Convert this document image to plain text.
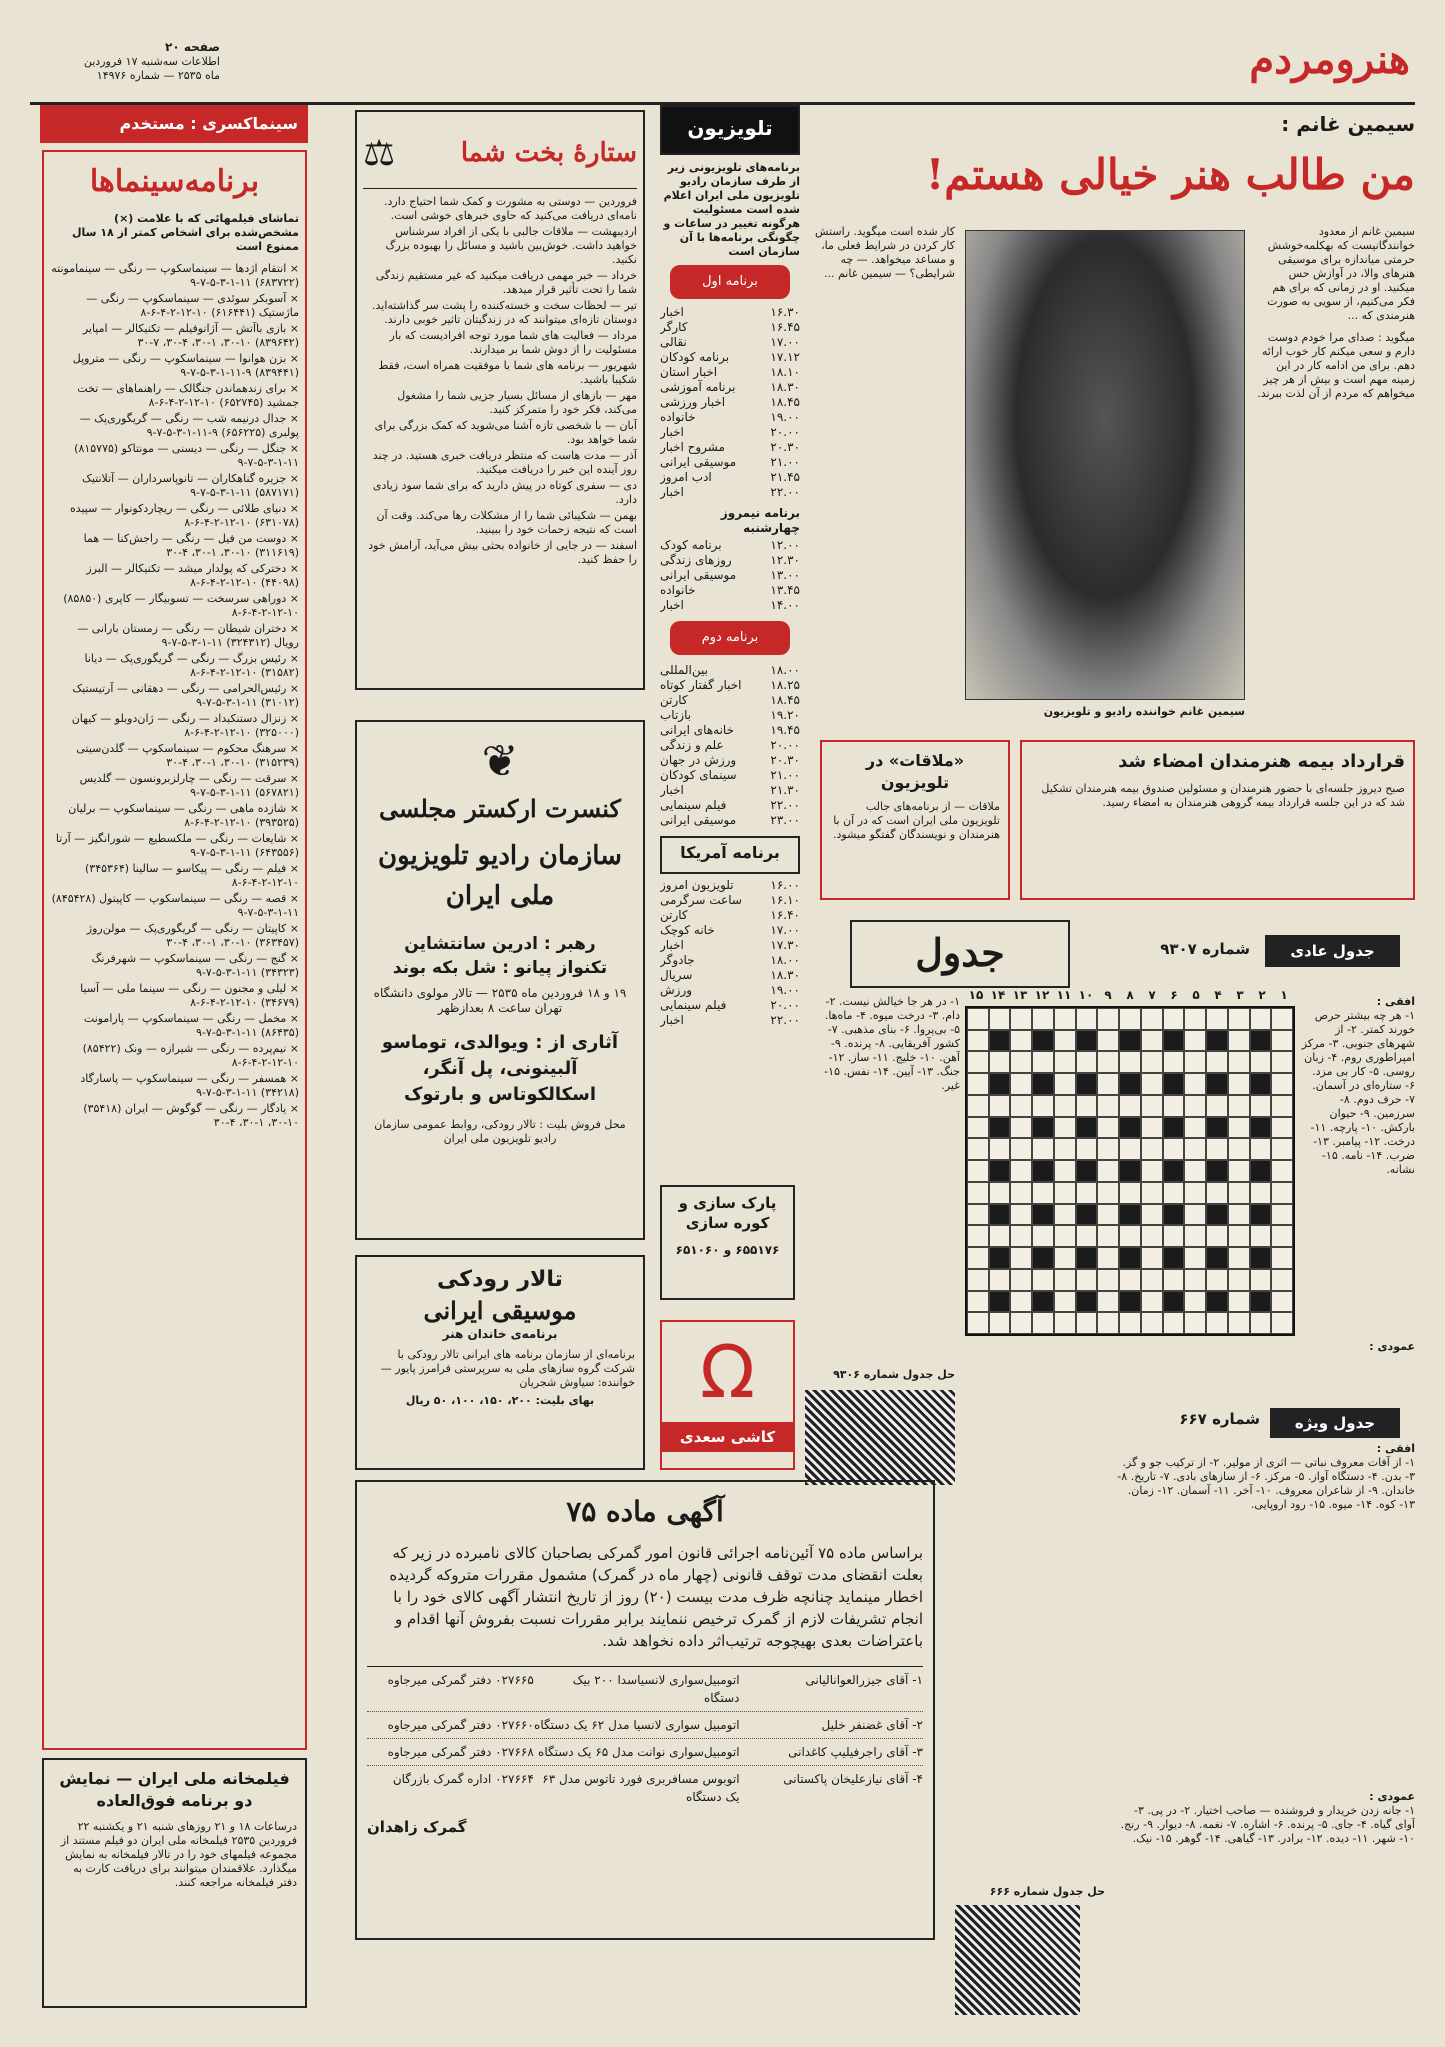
صفحه ۲۰
اطلاعات سه‌شنبه ۱۷ فروردین
ماه ۲۵۳۵ — شماره ۱۴۹۷۶	هنرومردم
سینماکسری : مستخدم
برنامه‌سینماها
تماشای فیلمهائی که با علامت (×) مشخص‌شده برای اشخاص کمتر از ۱۸ سال ممنوع است
× انتقام اژدها — سینماسکوپ — رنگی — سینمامونته (۶۸۳۷۲۲) ۱۱-۱-۳-۵-۷-۹
× آسوبکر سوئدی — سینماسکوپ — رنگی — ماژستیک (۶۱۶۴۴۱) ۱۰-۱۲-۲-۴-۶-۸
× بازی باآتش — آژانوفیلم — تکنیکالر — امپایر (۸۳۹۶۴۲) ۱۰-۳۰، ۱-۳۰، ۴-۳۰، ۷-۳۰
× بزن هوانوا — سینماسکوپ — رنگی — متروپل (۸۳۹۴۴۱) ۹-۱۱-۱-۳-۵-۷-۹
× برای زندهماندن جنگالک — راهنماهای — تخت جمشید (۶۵۲۷۴۵) ۱۰-۱۲-۲-۴-۶-۸
× جدال درنیمه شب — رنگی — گریگوری‌پک — پولبری (۶۵۶۲۲۵) ۹-۱۱-۱-۳-۵-۷-۹
× جنگل — رنگی — دیسنی — مونتاکو (۸۱۵۷۷۵) ۱۱-۱-۳-۵-۷-۹
× جزیره گناهکاران — تانوپاسرداران — آتلانتیک (۵۸۷۱۷۱) ۱۱-۱-۳-۵-۷-۹
× دنیای طلائی — رنگی — ریچارد‌کونوار — سپیده (۶۳۱۰۷۸) ۱۰-۱۲-۲-۴-۶-۸
× دوست من فیل — رنگی — راجش‌کنا — هما (۳۱۱۶۱۹) ۱۰-۳۰، ۱-۳۰، ۴-۳۰
× دخترکی که پولدار میشد — تکنیکالر — البرز (۴۴۰۹۸) ۱۰-۱۲-۲-۴-۶-۸
× دوراهی سرسخت — تسوبیگار — کاپری (۸۵۸۵۰) ۱۰-۱۲-۲-۴-۶-۸
× دختران شیطان — رنگی — زمستان بارانی — رویال (۳۲۴۳۱۲) ۱۱-۱-۳-۵-۷-۹
× رئیس بزرگ — رنگی — گریگوری‌پک — دیانا (۳۱۵۸۲) ۱۰-۱۲-۲-۴-۶-۸
× رئیس‌الحرامی — رنگی — دهقانی — آرتیستیک (۳۱۰۱۲) ۱۱-۱-۳-۵-۷-۹
× زنزال دستنکبداد — رنگی — ژان‌دوبلو — کیهان (۳۲۵۰۰۰) ۱۰-۱۲-۲-۴-۶-۸
× سرهنگ محکوم — سینماسکوپ — گلدن‌سیتی (۳۱۵۲۳۹) ۱۰-۳۰، ۱-۳۰، ۴-۳۰
× سرقت — رنگی — چارلز‌برونسون — گلدیس (۵۶۷۸۲۱) ۱۱-۱-۳-۵-۷-۹
× شازده ماهی — رنگی — سینماسکوپ — برلیان (۳۹۳۵۲۵) ۱۰-۱۲-۲-۴-۶-۸
× شایعات — رنگی — ملکسطیع — شورانگیز — آرتا (۶۴۳۵۵۶) ۱۱-۱-۳-۵-۷-۹
× فیلم — رنگی — پیکاسو — سالینا (۳۴۵۳۶۴) ۱۰-۱۲-۲-۴-۶-۸
× قصه — رنگی — سینماسکوپ — کاپیتول (۸۴۵۴۲۸) ۱۱-۱-۳-۵-۷-۹
× کاپیتان — رنگی — گریگوری‌پک — مولن‌روژ (۳۶۳۴۵۷) ۱۰-۳۰، ۱-۳۰، ۴-۳۰
× گنج — رنگی — سینماسکوپ — شهرفرنگ (۳۴۳۲۳) ۱۱-۱-۳-۵-۷-۹
× لیلی و مجنون — رنگی — سینما ملی — آسیا (۳۴۶۷۹) ۱۰-۱۲-۲-۴-۶-۸
× مخمل — رنگی — سینماسکوپ — پارامونت (۸۶۴۳۵) ۱۱-۱-۳-۵-۷-۹
× نیم‌پرده — رنگی — شیرازه — ونک (۸۵۴۲۲) ۱۰-۱۲-۲-۴-۶-۸
× همسفر — رنگی — سینماسکوپ — پاسارگاد (۳۴۲۱۸) ۱۱-۱-۳-۵-۷-۹
× یادگار — رنگی — گوگوش — ایران (۳۵۴۱۸) ۱۰-۳۰، ۱-۳۰، ۴-۳۰
فیلمخانه ملی ایران — نمایش دو برنامه فوق‌العاده
درساعات ۱۸ و ۲۱ روزهای شنبه ۲۱ و یکشنبه ۲۲ فروردین ۲۵۳۵ فیلمخانه ملی ایران دو فیلم مستند از مجموعه فیلمهای خود را در تالار فیلمخانه به نمایش میگذارد. علاقمندان میتوانند برای دریافت کارت به دفتر فیلمخانه مراجعه کنند.
ستارهٔ بخت شما
⚖
فروردین — دوستی به مشورت و کمک شما احتیاج دارد. نامه‌ای دریافت می‌کنید که حاوی خبرهای خوشی است.
اردیبهشت — ملاقات جالبی با یکی از افراد سرشناس خواهید داشت. خوش‌بین باشید و مسائل را بهبوده بزرگ نکنید.
خرداد — خبر مهمی دریافت میکنید که غیر مستقیم زندگی شما را تحت تأثیر قرار میدهد.
تیر — لحظات سخت و خسته‌کننده را پشت سر گذاشته‌اید. دوستان تازه‌ای میتوانند که در زندگیتان تاثیر خوبی دارند.
مرداد — فعالیت های شما مورد توجه افرادیست که بار مسئولیت را از دوش شما بر میدارند.
شهریور — برنامه های شما با موفقیت همراه است، فقط شکیبا باشید.
مهر — بازهای از مسائل بسیار جزیی شما را مشغول می‌کند، فکر خود را متمرکز کنید.
آبان — با شخصی تازه آشنا می‌شوید که کمک بزرگی برای شما خواهد بود.
آذر — مدت هاست که منتظر دریافت خبری هستید. در چند روز آینده این خبر را دریافت میکنید.
دی — سفری کوتاه در پیش دارید که برای شما سود زیادی دارد.
بهمن — شکیبائی شما را از مشکلات رها می‌کند. وقت آن است که نتیجه زحمات خود را ببینید.
اسفند — در جایی از خانواده بحثی بیش می‌آید، آرامش خود را حفظ کنید.
❦
کنسرت ارکستر مجلسی
سازمان رادیو تلویزیون ملی ایران
رهبر : ادرین سانتشاین
تکنواز پیانو : شل بکه بوند
۱۹ و ۱۸ فروردین ماه ۲۵۳۵ — تالار مولوی دانشگاه تهران ساعت ۸ بعدازظهر
آثاری از : ویوالدی، توماسو آلبینونی، پل آنگر، اسکالکوتاس و بارتوک
محل فروش بلیت : تالار رودکی، روابط عمومی سازمان رادیو تلویزیون ملی ایران
تالار رودکی
موسیقی ایرانی
برنامه‌ی خاندان هنر
برنامه‌ای از سازمان برنامه های ایرانی تالار رودکی با شرکت گروه سازهای ملی به سرپرستی فرامرز پایور — خواننده: سیاوش شجریان
بهای بلیت: ۲۰۰، ۱۵۰، ۱۰۰، ۵۰ ریال
تلویزیون
برنامه‌های تلویزیونی زیر از طرف سازمان رادیو تلویزیون ملی ایران اعلام شده است مسئولیت هرگونه تغییر در ساعات و چگونگی برنامه‌ها با آن سازمان است
برنامه اول
۱۶.۳۰
اخبار
۱۶.۴۵
کارگر
۱۷.۰۰
نقالی
۱۷.۱۲
برنامه کودکان
۱۸.۱۰
اخبار استان
۱۸.۳۰
برنامه آموزشی
۱۸.۴۵
اخبار ورزشی
۱۹.۰۰
خانواده
۲۰.۰۰
اخبار
۲۰.۳۰
مشروح اخبار
۲۱.۰۰
موسیقی ایرانی
۲۱.۴۵
ادب امروز
۲۲.۰۰
اخبار
برنامه نیمروز چهارشنبه
۱۲.۰۰
برنامه کودک
۱۲.۳۰
روزهای زندگی
۱۳.۰۰
موسیقی ایرانی
۱۳.۴۵
خانواده
۱۴.۰۰
اخبار
برنامه دوم
۱۸.۰۰
بین‌المللی
۱۸.۲۵
اخبار گفتار کوتاه
۱۸.۴۵
کارتن
۱۹.۲۰
بازتاب
۱۹.۴۵
خانه‌های ایرانی
۲۰.۰۰
علم و زندگی
۲۰.۳۰
ورزش در جهان
۲۱.۰۰
سینمای کودکان
۲۱.۳۰
اخبار
۲۲.۰۰
فیلم سینمایی
۲۳.۰۰
موسیقی ایرانی
برنامه آمریکا
۱۶.۰۰
تلویزیون امروز
۱۶.۱۰
ساعت سرگرمی
۱۶.۴۰
کارتن
۱۷.۰۰
خانه کوچک
۱۷.۳۰
اخبار
۱۸.۰۰
جادوگر
۱۸.۳۰
سریال
۱۹.۰۰
ورزش
۲۰.۰۰
فیلم سینمایی
۲۲.۰۰
اخبار
پارک سازی و کوره سازی
۶۵۵۱۷۶ و ۶۵۱۰۶۰
Ω
کاشی سعدی
سیمین غانم :
من طالب هنر خیالی هستم!
سیمین غانم از معدود خوانندگانیست که بهکلمه‌خوشش حرمتی میاندازه برای موسیقی هنرهای والا، در آوازش حس میکنید. او در زمانی که برای هم فکر می‌کنیم، از سویی به صورت هنرمندی که ...
میگوید : صدای مرا خودم دوست دارم و سعی میکنم کار خوب ارائه دهم. برای من ادامه کار در این زمینه مهم است و بیش از هر چیز میخواهم که مردم از آن لذت ببرند.
سیمین غانم خواننده رادیو و تلویزیون
کار شده است میگوید. راستش کار کردن در شرایط فعلی ما، و مساعد میخواهد. — چه شرایطی؟ — سیمین غانم ...
قرارداد بیمه هنرمندان امضاء شد
صبح دیروز جلسه‌ای با حضور هنرمندان و مسئولین صندوق بیمه هنرمندان تشکیل شد که در این جلسه قرارداد بیمه گروهی هنرمندان به امضاء رسید.
«ملاقات» در تلویزیون
ملاقات — از برنامه‌های جالب تلویزیون ملی ایران است که در آن با هنرمندان و نویسندگان گفتگو میشود.
جدول عادی
شماره ۹۳۰۷
جدول
۱
۲
۳
۴
۵
۶
۷
۸
۹
۱۰
۱۱
۱۲
۱۳
۱۴
۱۵	افقی :
۱- هر چه بیشتر حرص خورند کمتر. ۲- از شهرهای جنوبی. ۳- مرکز امپراطوری روم. ۴- زبان روسی. ۵- کار بی مزد. ۶- ستاره‌ای در آسمان. ۷- حرف دوم. ۸- سرزمین. ۹- حیوان بارکش. ۱۰- پارچه. ۱۱- درخت. ۱۲- پیامبر. ۱۳- ضرب. ۱۴- نامه. ۱۵- نشانه.
۱- در هر جا خیالش نیست. ۲- دام. ۳- درخت میوه. ۴- ماه‌ها. ۵- بی‌پروا. ۶- بنای مذهبی. ۷- کشور آفریقایی. ۸- پرنده. ۹- آهن. ۱۰- خلیج. ۱۱- ساز. ۱۲- جنگ. ۱۳- آیین. ۱۴- نفس. ۱۵- غیر.
عمودی :
حل جدول شماره ۹۳۰۶
جدول ویژه
شماره ۶۶۷
افقی :
۱- از آفات معروف نباتی — اثری از مولیر. ۲- از ترکیب جو و گز. ۳- بدن. ۴- دستگاه آواز. ۵- مرکز. ۶- از سازهای بادی. ۷- تاریخ. ۸- خاندان. ۹- از شاعران معروف. ۱۰- آخر. ۱۱- آسمان. ۱۲- زمان. ۱۳- کوه. ۱۴- میوه. ۱۵- رود اروپایی.
عمودی :
۱- جانه زدن خریدار و فروشنده — صاحب اختیار. ۲- در پی. ۳- آوای گیاه. ۴- جای. ۵- پرنده. ۶- اشاره. ۷- نغمه. ۸- دیوار. ۹- رنج. ۱۰- شهر. ۱۱- دیده. ۱۲- برادر. ۱۳- گیاهی. ۱۴- گوهر. ۱۵- نیک.
حل جدول شماره ۶۶۶
آگهی ماده ۷۵
براساس ماده ۷۵ آئین‌نامه اجرائی قانون امور گمرکی بصاحبان کالای نامبرده در زیر که بعلت انقضای مدت توقف قانونی (چهار ماه در گمرک) مشمول مقررات متروکه گردیده اخطار مینماید چنانچه ظرف مدت بیست (۲۰) روز از تاریخ انتشار آگهی کالای خود را با انجام تشریفات لازم از گمرک ترخیص ننمایند برابر مقررات نسبت بفروش آنها اقدام و باعتراضات بعدی بهیچوجه ترتیب‌اثر داده نخواهد شد.
۱- آقای جیزرالعوانالیانی
اتومبیل‌سواری لانسیاسدا ۲۰۰ بیک دستگاه
۰۲۷۶۶۵ دفتر گمرکی میرجاوه
۲- آقای غضنفر خلیل
اتومبیل سواری لانسیا مدل ۶۲ یک دستگاه
۰۲۷۶۶۰ دفتر گمرکی میرجاوه
۳- آقای راجرفیلیپ کاغدانی
اتومبیل‌سواری نوانت مدل ۶۵ یک دستگاه
۰۲۷۶۶۸ دفتر گمرکی میرجاوه
۴- آقای نیازعلیخان پاکستانی
اتوبوس مسافربری فورد تاتوس مدل ۶۳ یک دستگاه
۰۲۷۶۶۴ اداره گمرک بازرگان
گمرک زاهدان
